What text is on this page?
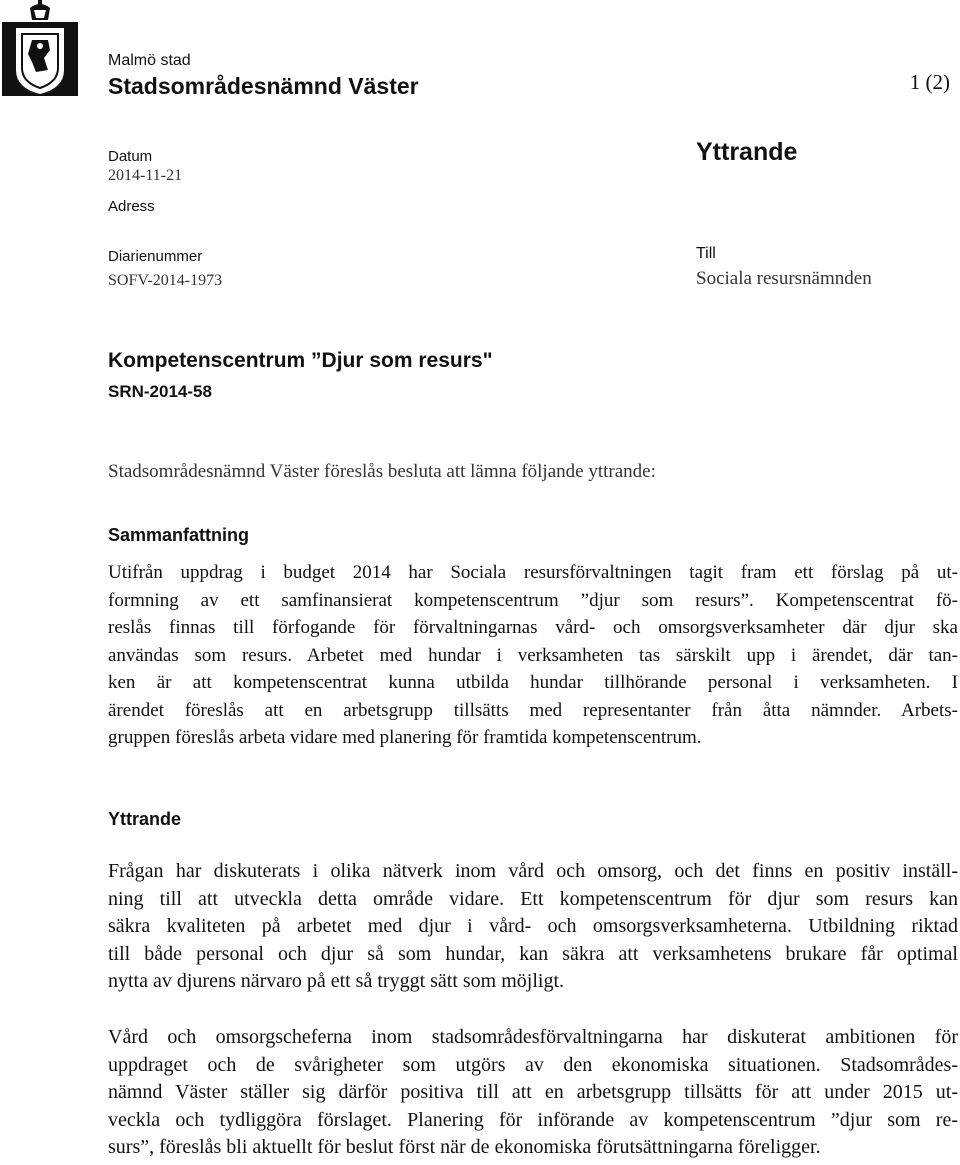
Malmö stad
Stadsområdesnämnd Väster	1 (2)
Datum
2014-11-21
Adress
Diarienummer
SOFV-2014-1973
Yttrande
Till
Sociala resursnämnden
Kompetenscentrum ”Djur som resurs"
SRN-2014-58
Stadsområdesnämnd Väster föreslås besluta att lämna följande yttrande:
Sammanfattning
Utifrån uppdrag i budget 2014 har Sociala resursförvaltningen tagit fram ett förslag på ut-
formning av ett samfinansierat kompetenscentrum ”djur som resurs”. Kompetenscentrat fö-
reslås finnas till förfogande för förvaltningarnas vård- och omsorgsverksamheter där djur ska
användas som resurs. Arbetet med hundar i verksamheten tas särskilt upp i ärendet, där tan-
ken är att kompetenscentrat kunna utbilda hundar tillhörande personal i verksamheten. I
ärendet föreslås att en arbetsgrupp tillsätts med representanter från åtta nämnder. Arbets-
gruppen föreslås arbeta vidare med planering för framtida kompetenscentrum.
Yttrande
Frågan har diskuterats i olika nätverk inom vård och omsorg, och det finns en positiv inställ-
ning till att utveckla detta område vidare. Ett kompetenscentrum för djur som resurs kan
säkra kvaliteten på arbetet med djur i vård- och omsorgsverksamheterna. Utbildning riktad
till både personal och djur så som hundar, kan säkra att verksamhetens brukare får optimal
nytta av djurens närvaro på ett så tryggt sätt som möjligt.
Vård och omsorgscheferna inom stadsområdesförvaltningarna har diskuterat ambitionen för
uppdraget och de svårigheter som utgörs av den ekonomiska situationen. Stadsområdes-
nämnd Väster ställer sig därför positiva till att en arbetsgrupp tillsätts för att under 2015 ut-
veckla och tydliggöra förslaget. Planering för införande av kompetenscentrum ”djur som re-
surs”, föreslås bli aktuellt för beslut först när de ekonomiska förutsättningarna föreligger.
